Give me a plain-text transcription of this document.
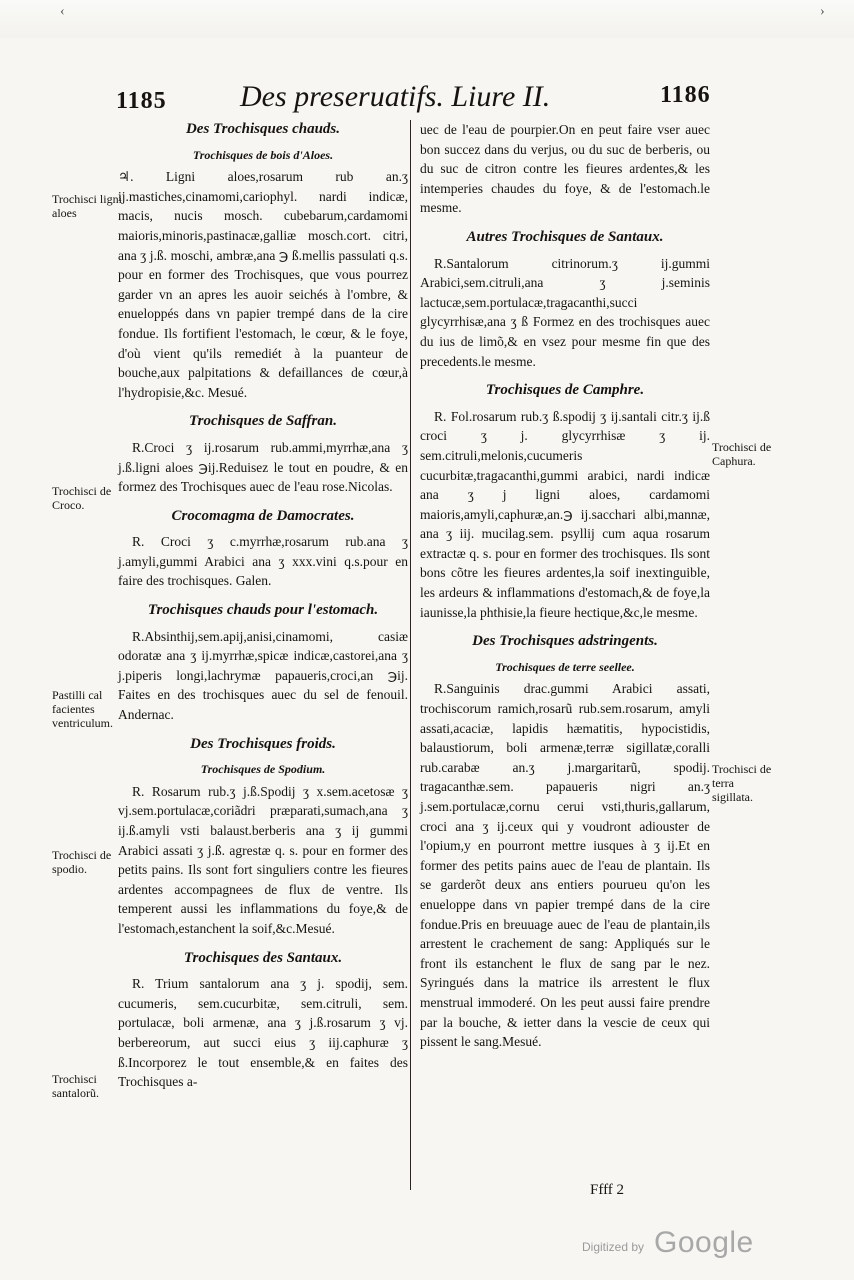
‹	›
1185 Des preseruatifs. Liure II.	1186
Des Trochisques chauds.
Trochisques de bois d'Aloes.
♃. Ligni aloes,rosarum rub an.ʒ ij.mastiches,cinamomi,cariophyl. nardi indicæ, macis, nucis mosch. cubebarum,cardamomi maioris,minoris,pastinacæ,galliæ mosch.cort. citri, ana ʒ j.ß. moschi, ambræ,ana ℈ ß.mellis passulati q.s. pour en former des Trochisques, que vous pourrez garder vn an apres les auoir seichés à l'ombre, & enueloppés dans vn papier trempé dans de la cire fondue. Ils fortifient l'estomach, le cœur, & le foye, d'où vient qu'ils remediét à la puanteur de bouche,aux palpitations & defaillances de cœur,à l'hydropisie,&c. Mesué.
Trochisques de Saffran.
R.Croci ʒ ij.rosarum rub.ammi,myrrhæ,ana ʒ j.ß.ligni aloes ℈ij.Reduisez le tout en poudre, & en formez des Trochisques auec de l'eau rose.Nicolas.
Crocomagma de Damocrates.
R. Croci ʒ c.myrrhæ,rosarum rub.ana ʒ j.amyli,gummi Arabici ana ʒ xxx.vini q.s.pour en faire des trochisques. Galen.
Trochisques chauds pour l'estomach.
R.Absinthij,sem.apij,anisi,cinamomi, casiæ odoratæ ana ʒ ij.myrrhæ,spicæ indicæ,castorei,ana ʒ j.piperis longi,lachrymæ papaueris,croci,an ℈ij. Faites en des trochisques auec du sel de fenouil. Andernac.
Des Trochisques froids.
Trochisques de Spodium.
R. Rosarum rub.ʒ j.ß.Spodij ʒ x.sem.acetosæ ʒ vj.sem.portulacæ,coriãdri præparati,sumach,ana ʒ ij.ß.amyli vsti balaust.berberis ana ʒ ij gummi Arabici assati ʒ j.ß. agrestæ q. s. pour en former des petits pains. Ils sont fort singuliers contre les fieures ardentes accompagnees de flux de ventre. Ils temperent aussi les inflammations du foye,& de l'estomach,estanchent la soif,&c.Mesué.
Trochisques des Santaux.
R. Trium santalorum ana ʒ j. spodij, sem. cucumeris, sem.cucurbitæ, sem.citruli, sem. portulacæ, boli armenæ, ana ʒ j.ß.rosarum ʒ vj. berbereorum, aut succi eius ʒ iij.caphuræ ʒ ß.Incorporez le tout ensemble,& en faites des Trochisques a-
uec de l'eau de pourpier.On en peut faire vser auec bon succez dans du verjus, ou du suc de berberis, ou du suc de citron contre les fieures ardentes,& les intemperies chaudes du foye, & de l'estomach.le mesme.
Autres Trochisques de Santaux.
R.Santalorum citrinorum.ʒ ij.gummi Arabici,sem.citruli,ana ʒ j.seminis lactucæ,sem.portulacæ,tragacanthi,succi glycyrrhisæ,ana ʒ ß Formez en des trochisques auec du ius de limõ,& en vsez pour mesme fin que des precedents.le mesme.
Trochisques de Camphre.
R. Fol.rosarum rub.ʒ ß.spodij ʒ ij.santali citr.ʒ ij.ß croci ʒ j. glycyrrhisæ ʒ ij. sem.citruli,melonis,cucumeris cucurbitæ,tragacanthi,gummi arabici, nardi indicæ ana ʒ j ligni aloes, cardamomi maioris,amyli,caphuræ,an.℈ ij.sacchari albi,mannæ, ana ʒ iij. mucilag.sem. psyllij cum aqua rosarum extractæ q. s. pour en former des trochisques. Ils sont bons cõtre les fieures ardentes,la soif inextinguible, les ardeurs & inflammations d'estomach,& de foye,la iaunisse,la phthisie,la fieure hectique,&c,le mesme.
Des Trochisques adstringents.
Trochisques de terre seellee.
R.Sanguinis drac.gummi Arabici assati, trochiscorum ramich,rosarũ rub.sem.rosarum, amyli assati,acaciæ, lapidis hæmatitis, hypocistidis, balaustiorum, boli armenæ,terræ sigillatæ,coralli rub.carabæ an.ʒ j.margaritarũ, spodij. tragacanthæ.sem. papaueris nigri an.ʒ j.sem.portulacæ,cornu cerui vsti,thuris,gallarum, croci ana ʒ ij.ceux qui y voudront adiouster de l'opium,y en pourront mettre iusques à ʒ ij.Et en former des petits pains auec de l'eau de plantain. Ils se garderõt deux ans entiers pourueu qu'on les enueloppe dans vn papier trempé dans de la cire fondue.Pris en breuuage auec de l'eau de plantain,ils arrestent le crachement de sang: Appliqués sur le front ils estanchent le flux de sang par le nez. Syringués dans la matrice ils arrestent le flux menstrual immoderé. On les peut aussi faire prendre par la bouche, & ietter dans la vescie de ceux qui pissent le sang.Mesué.
Trochisci ligni aloes
Trochisci de Croco.
Pastilli cal facientes ventriculum.
Trochisci de spodio.
Trochisci santalorũ.
Trochisci de Caphura.
Trochisci de terra sigillata.
Ffff 2
Digitized by Google
